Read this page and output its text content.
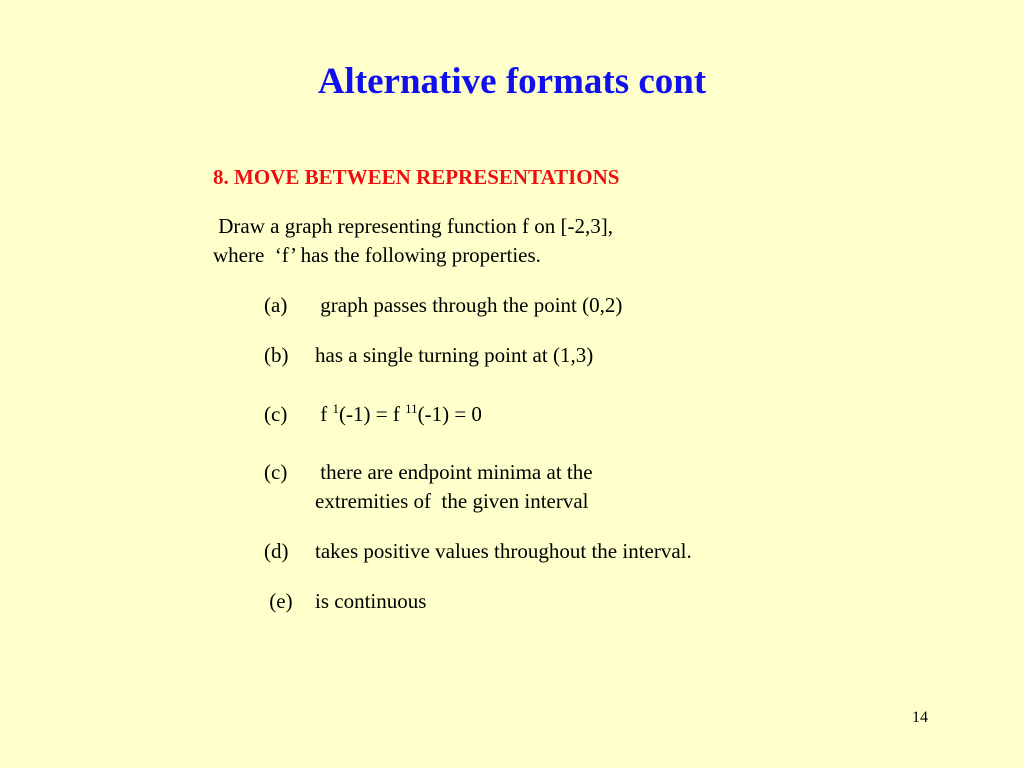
Alternative formats cont
8. MOVE BETWEEN REPRESENTATIONS
Draw a graph representing function f on [-2,3],
where  ‘f’ has the following properties.
(a) graph passes through the point (0,2)
(b) has a single turning point at (1,3)
(c) f $^1$(-1) = f $^{11}$(-1) = 0
(c) there are endpoint minima at the
extremities of  the given interval
(d) takes positive values throughout the interval.
(e) is continuous
14
